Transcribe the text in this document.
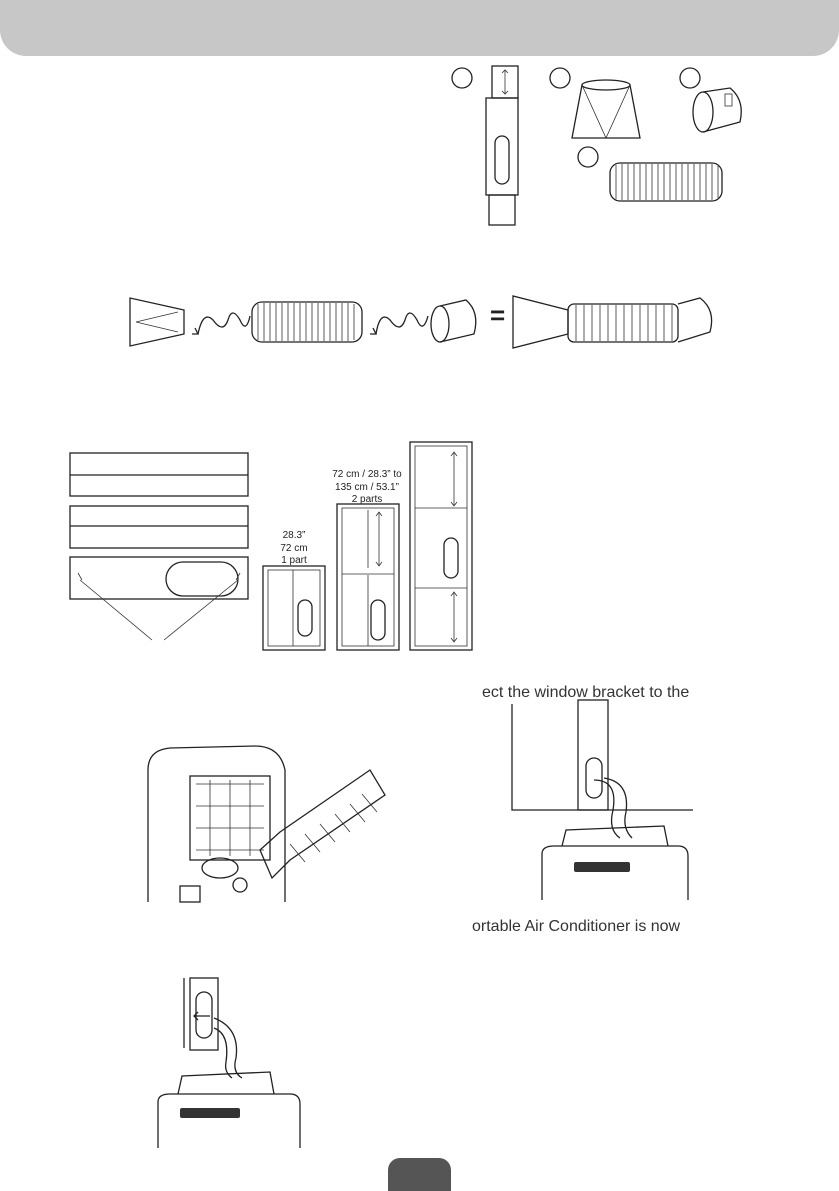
=
28.3”
72 cm
1 part
72 cm / 28.3” to
135 cm / 53.1”
2 parts
ect the window bracket to the
ortable Air Conditioner is now
